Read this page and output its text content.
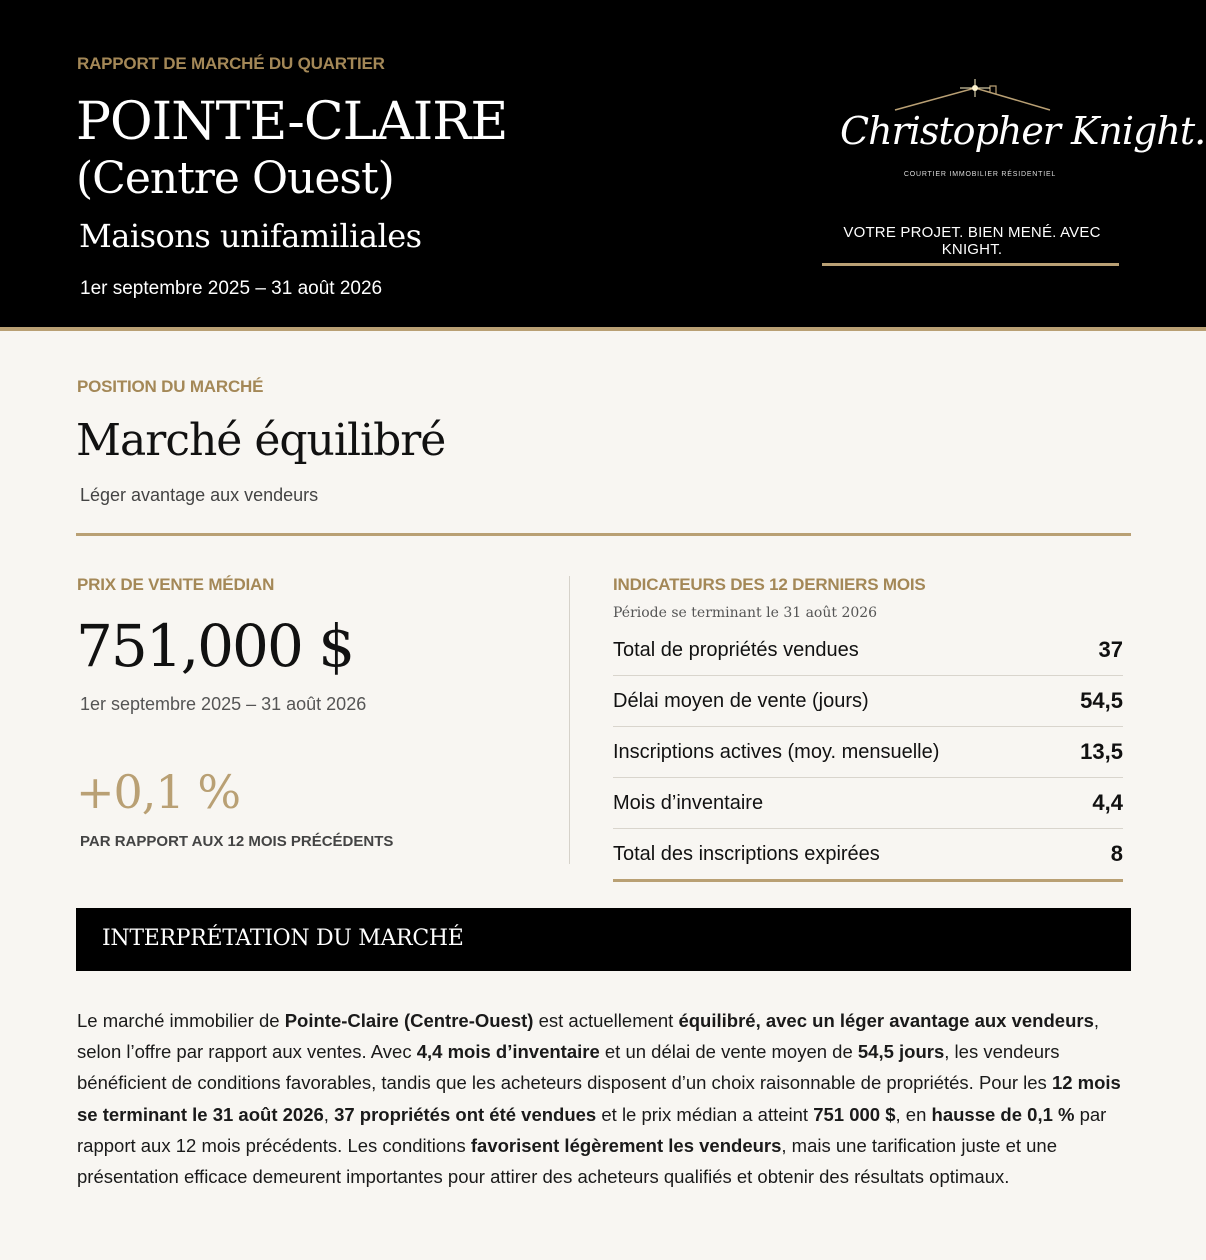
RAPPORT DE MARCHÉ DU QUARTIER
POINTE-CLAIRE
(Centre Ouest)
Maisons unifamiliales
1er septembre 2025 – 31 août 2026
Christopher Knight.
COURTIER IMMOBILIER RÉSIDENTIEL
VOTRE PROJET. BIEN MENÉ. AVEC KNIGHT.
POSITION DU MARCHÉ
Marché équilibré
Léger avantage aux vendeurs
PRIX DE VENTE MÉDIAN
751,000 $
1er septembre 2025 – 31 août 2026
+0,1 %
PAR RAPPORT AUX 12 MOIS PRÉCÉDENTS
INDICATEURS DES 12 DERNIERS MOIS
Période se terminant le 31 août 2026
Total de propriétés vendues	37
Délai moyen de vente (jours)	54,5
Inscriptions actives (moy. mensuelle)	13,5
Mois d’inventaire	4,4
Total des inscriptions expirées	8
INTERPRÉTATION DU MARCHÉ
Le marché immobilier de Pointe-Claire (Centre-Ouest) est actuellement équilibré, avec un léger avantage aux vendeurs, selon l’offre par rapport aux ventes. Avec 4,4 mois d’inventaire et un délai de vente moyen de 54,5 jours, les vendeurs bénéficient de conditions favorables, tandis que les acheteurs disposent d’un choix raisonnable de propriétés. Pour les 12 mois se terminant le 31 août 2026, 37 propriétés ont été vendues et le prix médian a atteint 751 000 $, en hausse de 0,1 % par rapport aux 12 mois précédents. Les conditions favorisent légèrement les vendeurs, mais une tarification juste et une présentation efficace demeurent importantes pour attirer des acheteurs qualifiés et obtenir des résultats optimaux.
